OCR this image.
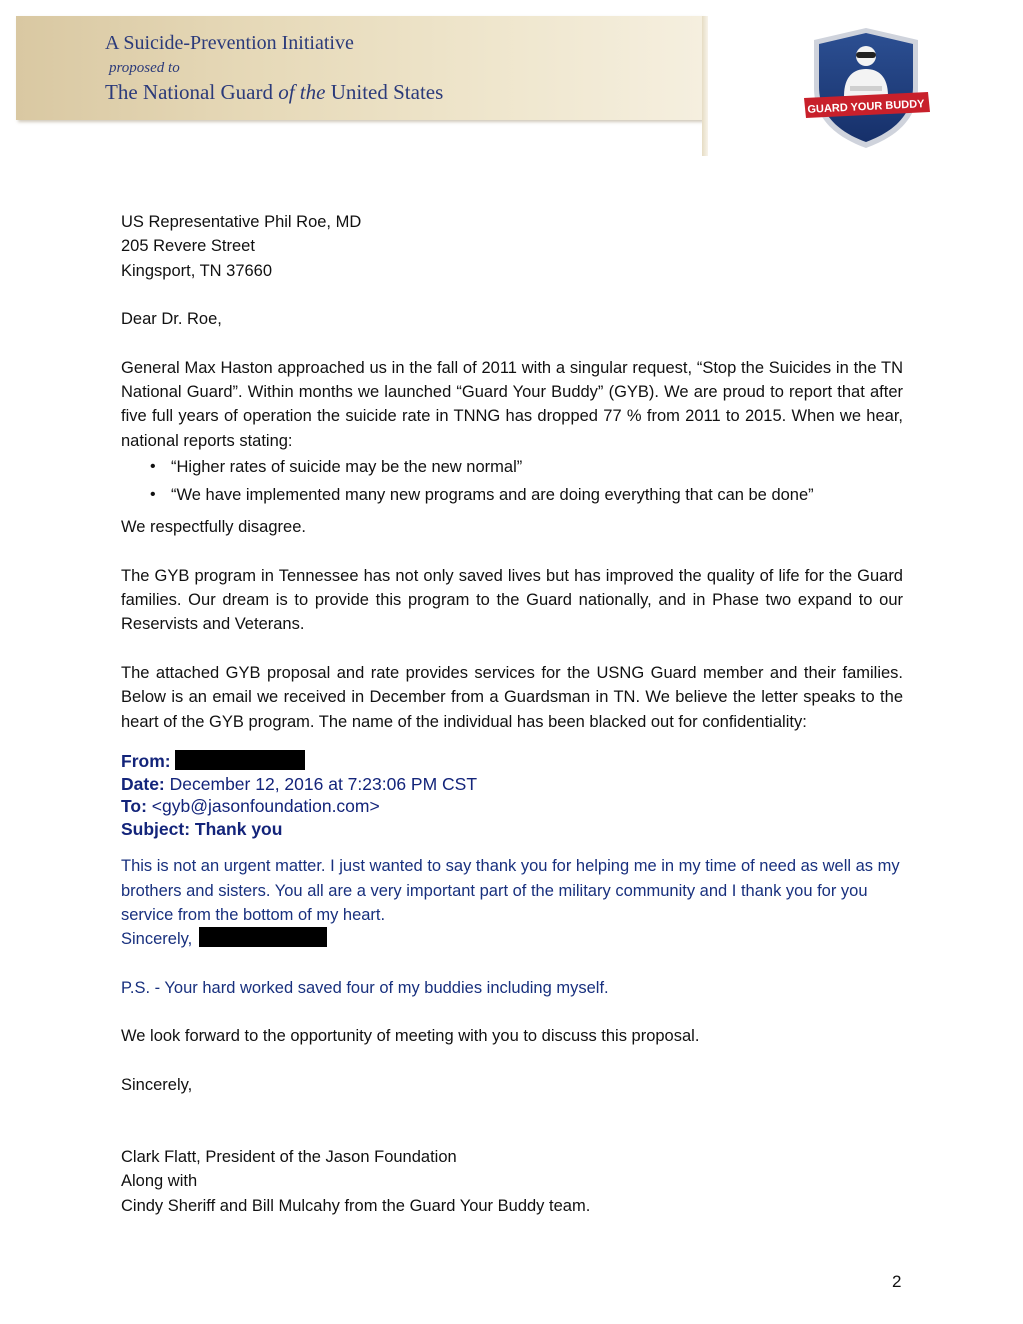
A Suicide-Prevention Initiative
proposed to
The National Guard of the United States
GUARD YOUR BUDDY

US Representative Phil Roe, MD

205 Revere Street

Kingsport, TN 37660

Dear Dr. Roe,

General Max Haston approached us in the fall of 2011 with a singular request, “Stop the Suicides in the TN National Guard”. Within months we launched “Guard Your Buddy” (GYB). We are proud to report that after five full years of operation the suicide rate in TNNG has dropped 77 % from 2011 to 2015. When we hear, national reports stating:

• “Higher rates of suicide may be the new normal”
• “We have implemented many new programs and are doing everything that can be done”

We respectfully disagree.

The GYB program in Tennessee has not only saved lives but has improved the quality of life for the Guard families. Our dream is to provide this program to the Guard nationally, and in Phase two expand to our Reservists and Veterans.

The attached GYB proposal and rate provides services for the USNG Guard member and their families. Below is an email we received in December from a Guardsman in TN. We believe the letter speaks to the heart of the GYB program. The name of the individual has been blacked out for confidentiality:

From:
Date: December 12, 2016 at 7:23:06 PM CST
To: <gyb@jasonfoundation.com>
Subject: Thank you

This is not an urgent matter. I just wanted to say thank you for helping me in my time of need as well as my brothers and sisters. You all are a very important part of the military community and I thank you for you service from the bottom of my heart.

Sincerely,

P.S. - Your hard worked saved four of my buddies including myself.

We look forward to the opportunity of meeting with you to discuss this proposal.

Sincerely,

Clark Flatt, President of the Jason Foundation

Along with

Cindy Sheriff and Bill Mulcahy from the Guard Your Buddy team.

2
